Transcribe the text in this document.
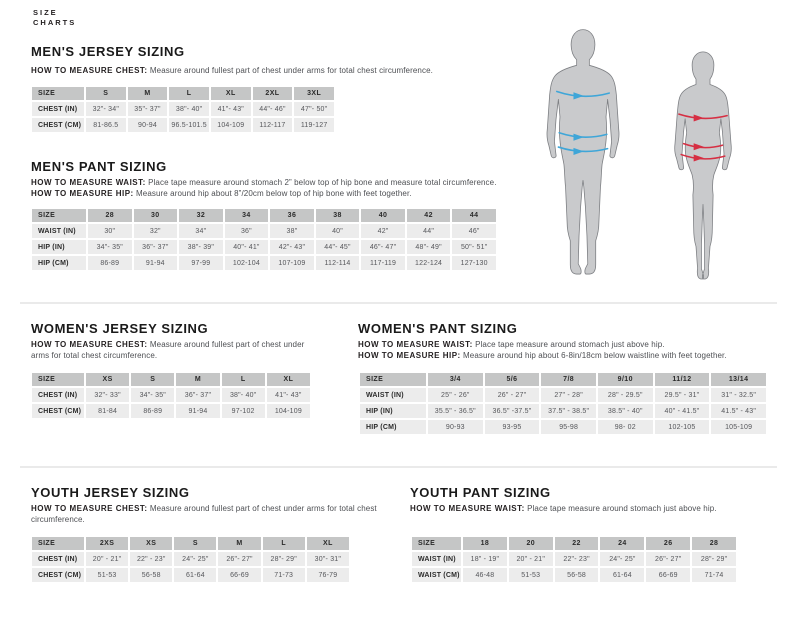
SIZE
CHARTS
MEN'S JERSEY SIZING
HOW TO MEASURE CHEST: Measure around fullest part of chest under arms for total chest circumference.
SIZE	S	M	L	XL	2XL	3XL
CHEST (IN)	32"- 34"	35"- 37"	38"- 40"	41"- 43"	44"- 46"	47"- 50"
CHEST (CM)	81-86.5	90-94	96.5-101.5	104-109	112-117	119-127
MEN'S PANT SIZING
HOW TO MEASURE WAIST: Place tape measure around stomach 2” below top of hip bone and measure total circumference.
HOW TO MEASURE HIP: Measure around hip about 8”/20cm below top of hip bone with feet together.
SIZE	28	30	32	34	36	38	40	42	44
WAIST (IN)	30"	32"	34"	36"	38"	40"	42"	44"	46"
HIP (IN)	34"- 35"	36"- 37"	38"- 39"	40"- 41"	42"- 43"	44"- 45"	46"- 47"	48"- 49"	50"- 51"
HIP (CM)	86-89	91-94	97-99	102-104	107-109	112-114	117-119	122-124	127-130
WOMEN'S JERSEY SIZING
HOW TO MEASURE CHEST: Measure around fullest part of chest under arms for total chest circumference.
SIZE	XS	S	M	L	XL
CHEST (IN)	32"- 33"	34"- 35"	36"- 37"	38"- 40"	41"- 43"
CHEST (CM)	81-84	86-89	91-94	97-102	104-109
WOMEN'S PANT SIZING
HOW TO MEASURE WAIST: Place tape measure around stomach just above hip.
HOW TO MEASURE HIP: Measure around hip about 6-8in/18cm below waistline with feet together.
SIZE	3/4	5/6	7/8	9/10	11/12	13/14
WAIST (IN)	25" - 26"	26" - 27"	27" - 28"	28" - 29.5"	29.5" - 31"	31" - 32.5"
HIP (IN)	35.5" - 36.5"	36.5" -37.5"	37.5" - 38.5"	38.5" - 40"	40" - 41.5"	41.5" - 43"
HIP (CM)	90-93	93-95	95-98	98- 02	102-105	105-109
YOUTH JERSEY SIZING
HOW TO MEASURE CHEST: Measure around fullest part of chest under arms for total chest circumference.
SIZE	2XS	XS	S	M	L	XL
CHEST (IN)	20" - 21"	22" - 23"	24"- 25"	26"- 27"	28"- 29"	30"- 31"
CHEST (CM)	51-53	56-58	61-64	66-69	71-73	76-79
YOUTH PANT SIZING
HOW TO MEASURE WAIST: Place tape measure around stomach just above hip.
SIZE	18	20	22	24	26	28
WAIST (IN)	18" - 19"	20" - 21"	22"- 23"	24"- 25"	26"- 27"	28"- 29"
WAIST (CM)	46-48	51-53	56-58	61-64	66-69	71-74
